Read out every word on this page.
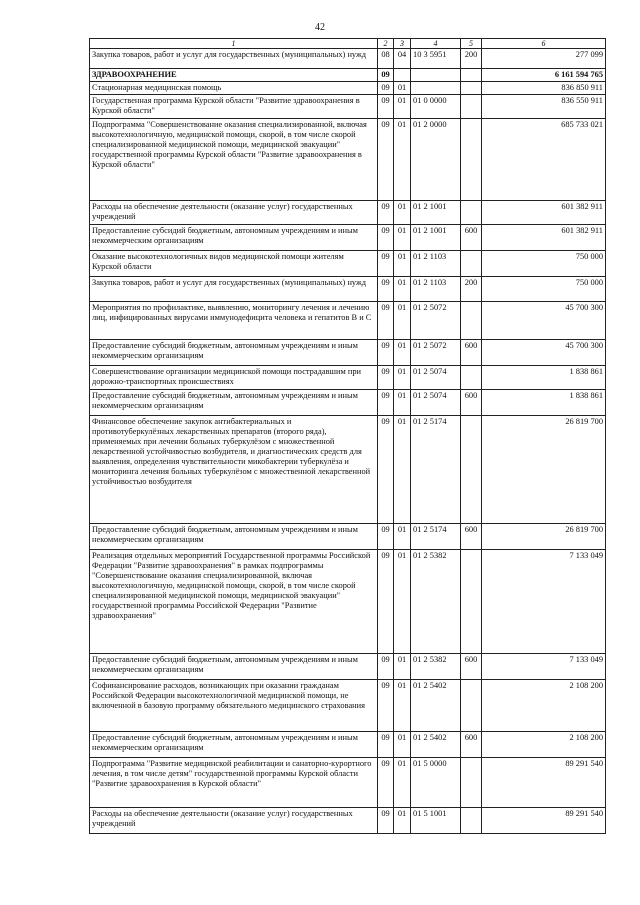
42
1	2	3	4	5	6
Закупка товаров, работ и услуг для государственных (муниципальных) нужд	08	04	10 3 5951	200	277 099
ЗДРАВООХРАНЕНИЕ	09				6 161 594 765
Стационарная медицинская помощь	09	01			836 850 911
Государственная программа Курской области "Развитие здравоохранения в Курской области"	09	01	01 0 0000		836 550 911
Подпрограмма "Совершенствование оказания специализированной, включая высокотехнологичную, медицинской помощи, скорой, в том числе скорой специализированной медицинской помощи, медицинской эвакуации" государственной программы Курской области "Развитие здравоохранения в Курской области"	09	01	01 2 0000		685 733 021
Расходы на обеспечение деятельности (оказание услуг) государственных учреждений	09	01	01 2 1001		601 382 911
Предоставление субсидий бюджетным, автономным учреждениям и иным некоммерческим организациям	09	01	01 2 1001	600	601 382 911
Оказание высокотехнологичных видов медицинской помощи жителям Курской области	09	01	01 2 1103		750 000
Закупка товаров, работ и услуг для государственных (муниципальных) нужд	09	01	01 2 1103	200	750 000
Мероприятия по профилактике, выявлению, мониторингу лечения и лечению лиц, инфицированных вирусами иммунодефицита человека и гепатитов В и С	09	01	01 2 5072		45 700 300
Предоставление субсидий бюджетным, автономным учреждениям и иным некоммерческим организациям	09	01	01 2 5072	600	45 700 300
Совершенствование организации медицинской помощи пострадавшим при дорожно-транспортных происшествиях	09	01	01 2 5074		1 838 861
Предоставление субсидий бюджетным, автономным учреждениям и иным некоммерческим организациям	09	01	01 2 5074	600	1 838 861
Финансовое обеспечение закупок антибактериальных и противотуберкулёзных лекарственных препаратов (второго ряда), применяемых при лечении больных туберкулёзом с множественной лекарственной устойчивостью возбудителя, и диагностических средств для выявления, определения чувствительности микобактерии туберкулёза и мониторинга лечения больных туберкулёзом с множественной лекарственной устойчивостью возбудителя	09	01	01 2 5174		26 819 700
Предоставление субсидий бюджетным, автономным учреждениям и иным некоммерческим организациям	09	01	01 2 5174	600	26 819 700
Реализация отдельных мероприятий Государственной программы Российской Федерации "Развитие здравоохранения" в рамках подпрограммы "Совершенствование оказания специализированной, включая высокотехнологичную, медицинской помощи, скорой, в том числе скорой специализированной медицинской помощи, медицинской эвакуации" государственной программы Российской Федерации "Развитие здравоохранения"	09	01	01 2 5382		7 133 049
Предоставление субсидий бюджетным, автономным учреждениям и иным некоммерческим организациям	09	01	01 2 5382	600	7 133 049
Софинансирование расходов, возникающих при оказании гражданам Российской Федерации высокотехнологичной медицинской помощи, не включенной в базовую программу обязательного медицинского страхования	09	01	01 2 5402		2 108 200
Предоставление субсидий бюджетным, автономным учреждениям и иным некоммерческим организациям	09	01	01 2 5402	600	2 108 200
Подпрограмма "Развитие медицинской реабилитации и санаторно-курортного лечения, в том числе детям" государственной программы Курской области "Развитие здравоохранения в Курской области"	09	01	01 5 0000		89 291 540
Расходы на обеспечение деятельности (оказание услуг) государственных учреждений	09	01	01 5 1001		89 291 540
